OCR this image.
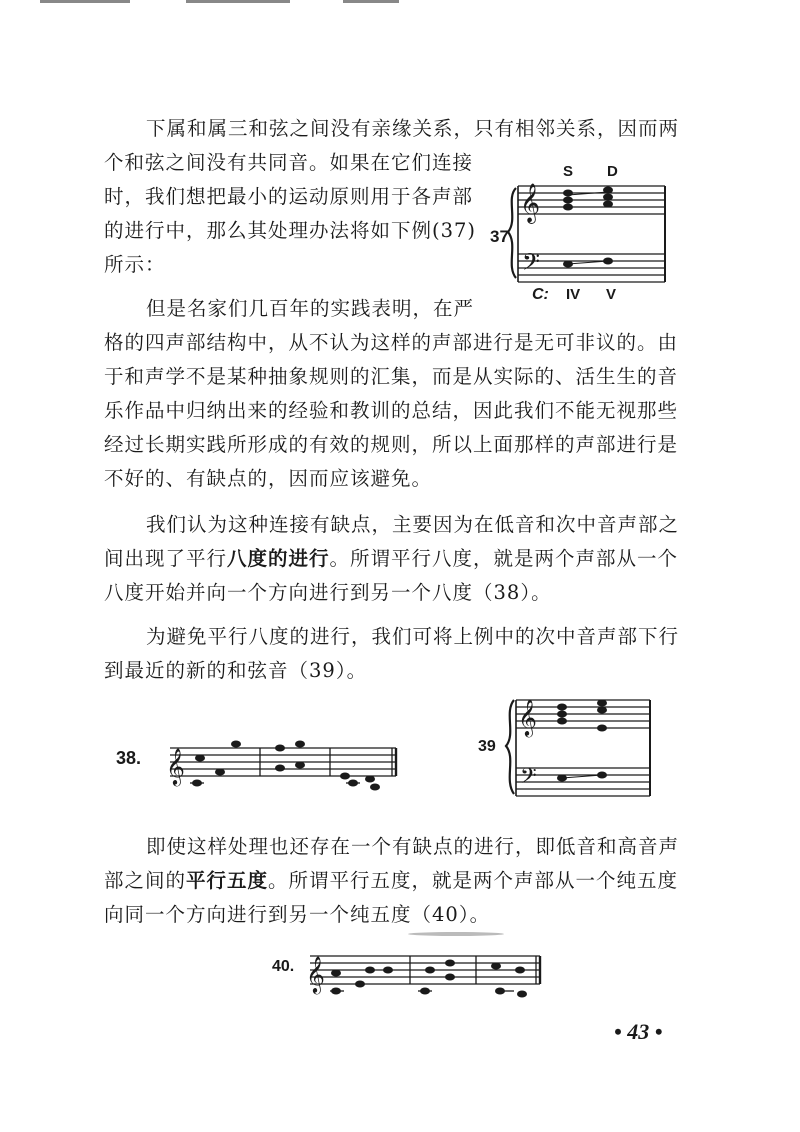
下属和属三和弦之间没有亲缘关系，只有相邻关系，因而两

个和弦之间没有共同音。如果在它们连接

时，我们想把最小的运动原则用于各声部

的进行中，那么其处理办法将如下例(37)

所示：

S D
37
𝄞
𝄢
C: IV V

但是名家们几百年的实践表明，在严

格的四声部结构中，从不认为这样的声部进行是无可非议的。由

于和声学不是某种抽象规则的汇集，而是从实际的、活生生的音

乐作品中归纳出来的经验和教训的总结，因此我们不能无视那些

经过长期实践所形成的有效的规则，所以上面那样的声部进行是

不好的、有缺点的，因而应该避免。

我们认为这种连接有缺点，主要因为在低音和次中音声部之

间出现了平行八度的进行。所谓平行八度，就是两个声部从一个

八度开始并向一个方向进行到另一个八度（38）。

为避免平行八度的进行，我们可将上例中的次中音声部下行

到最近的新的和弦音（39）。

38. 𝄞
39
𝄞
𝄢

即使这样处理也还存在一个有缺点的进行，即低音和高音声

部之间的平行五度。所谓平行五度，就是两个声部从一个纯五度

向同一个方向进行到另一个纯五度（40）。

40. 𝄞
• 43 •
